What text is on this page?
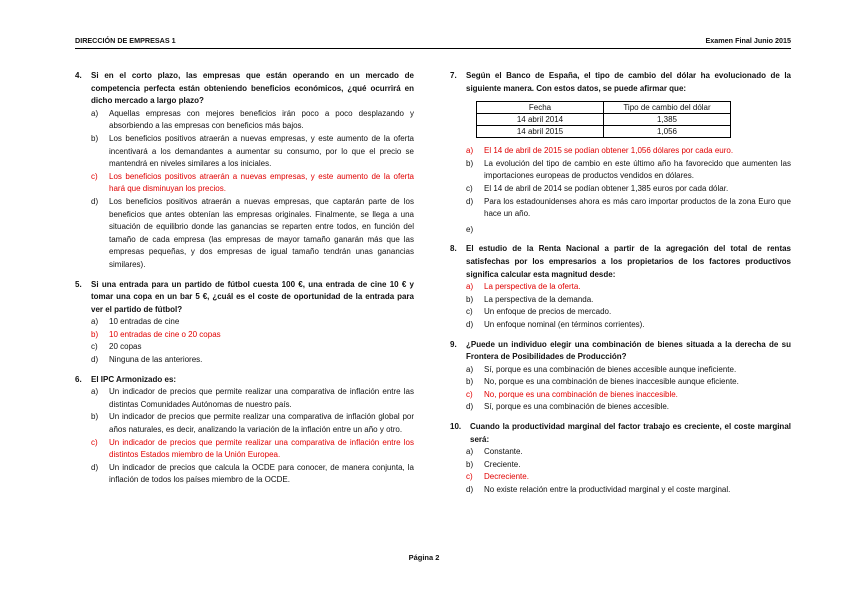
DIRECCIÓN DE EMPRESAS 1	Examen Final Junio 2015
4.	Si en el corto plazo, las empresas que están operando en un mercado de competencia perfecta están obteniendo beneficios económicos, ¿qué ocurrirá en dicho mercado a largo plazo?
a)	Aquellas empresas con mejores beneficios irán poco a poco desplazando y absorbiendo a las empresas con beneficios más bajos.
b)	Los beneficios positivos atraerán a nuevas empresas, y este aumento de la oferta incentivará a los demandantes a aumentar su consumo, por lo que el precio se mantendrá en niveles similares a los iniciales.
c)	Los beneficios positivos atraerán a nuevas empresas, y este aumento de la oferta hará que disminuyan los precios.
d)	Los beneficios positivos atraerán a nuevas empresas, que captarán parte de los beneficios que antes obtenían las empresas originales. Finalmente, se llega a una situación de equilibrio donde las ganancias se reparten entre todos, en función del tamaño de cada empresa (las empresas de mayor tamaño ganarán más que las empresas pequeñas, y dos empresas de igual tamaño tendrán unas ganancias similares).
5.	Si una entrada para un partido de fútbol cuesta 100 €, una entrada de cine 10 € y tomar una copa en un bar 5 €, ¿cuál es el coste de oportunidad de la entrada para ver el partido de fútbol?
a)	10 entradas de cine
b)	10 entradas de cine o 20 copas
c)	20 copas
d)	Ninguna de las anteriores.
6.	El IPC Armonizado es:
a)	Un indicador de precios que permite realizar una comparativa de inflación entre las distintas Comunidades Autónomas de nuestro país.
b)	Un indicador de precios que permite realizar una comparativa de inflación global por años naturales, es decir, analizando la variación de la inflación entre un año y otro.
c)	Un indicador de precios que permite realizar una comparativa de inflación entre los distintos Estados miembro de la Unión Europea.
d)	Un indicador de precios que calcula la OCDE para conocer, de manera conjunta, la inflación de todos los países miembro de la OCDE.
7.	Según el Banco de España, el tipo de cambio del dólar ha evolucionado de la siguiente manera. Con estos datos, se puede afirmar que:
Fecha	Tipo de cambio del dólar
14 abril 2014	1,385
14 abril 2015	1,056
a)	El 14 de abril de 2015 se podían obtener 1,056 dólares por cada euro.
b)	La evolución del tipo de cambio en este último año ha favorecido que aumenten las importaciones europeas de productos vendidos en dólares.
c)	El 14 de abril de 2014 se podían obtener 1,385 euros por cada dólar.
d)	Para los estadounidenses ahora es más caro importar productos de la zona Euro que hace un año.
e)
8.	El estudio de la Renta Nacional a partir de la agregación del total de rentas satisfechas por los empresarios a los propietarios de los factores productivos significa calcular esta magnitud desde:
a)	La perspectiva de la oferta.
b)	La perspectiva de la demanda.
c)	Un enfoque de precios de mercado.
d)	Un enfoque nominal (en términos corrientes).
9.	¿Puede un individuo elegir una combinación de bienes situada a la derecha de su Frontera de Posibilidades de Producción?
a)	Sí, porque es una combinación de bienes accesible aunque ineficiente.
b)	No, porque es una combinación de bienes inaccesible aunque eficiente.
c)	No, porque es una combinación de bienes inaccesible.
d)	Sí, porque es una combinación de bienes accesible.
10.	Cuando la productividad marginal del factor trabajo es creciente, el coste marginal será:
a)	Constante.
b)	Creciente.
c)	Decreciente.
d)	No existe relación entre la productividad marginal y el coste marginal.
Página 2
